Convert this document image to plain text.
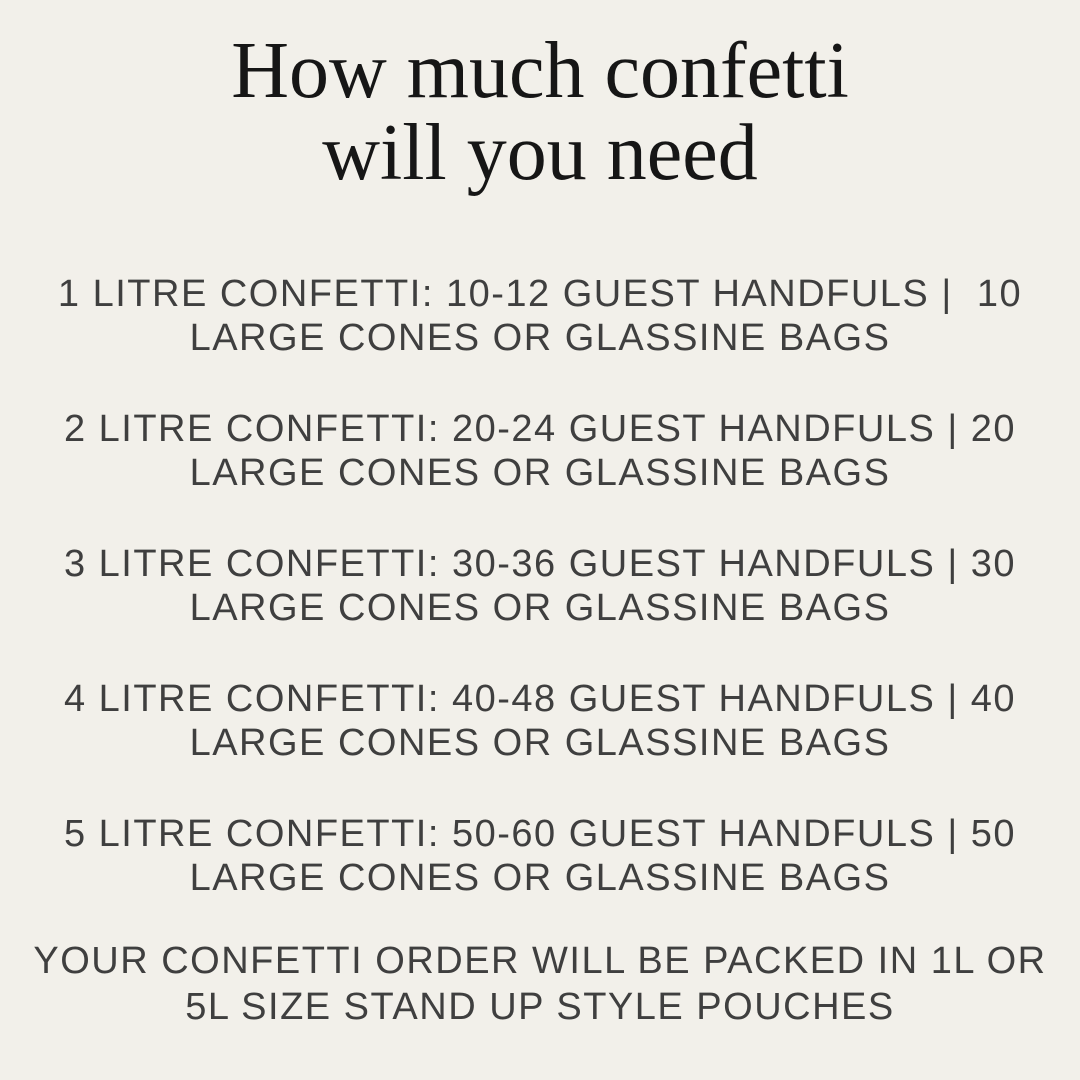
How much confetti
will you need

1 LITRE CONFETTI: 10-12 GUEST HANDFULS |  10
LARGE CONES OR GLASSINE BAGS

2 LITRE CONFETTI: 20-24 GUEST HANDFULS | 20
LARGE CONES OR GLASSINE BAGS

3 LITRE CONFETTI: 30-36 GUEST HANDFULS | 30
LARGE CONES OR GLASSINE BAGS

4 LITRE CONFETTI: 40-48 GUEST HANDFULS | 40
LARGE CONES OR GLASSINE BAGS

5 LITRE CONFETTI: 50-60 GUEST HANDFULS | 50
LARGE CONES OR GLASSINE BAGS

YOUR CONFETTI ORDER WILL BE PACKED IN 1L OR
5L SIZE STAND UP STYLE POUCHES
